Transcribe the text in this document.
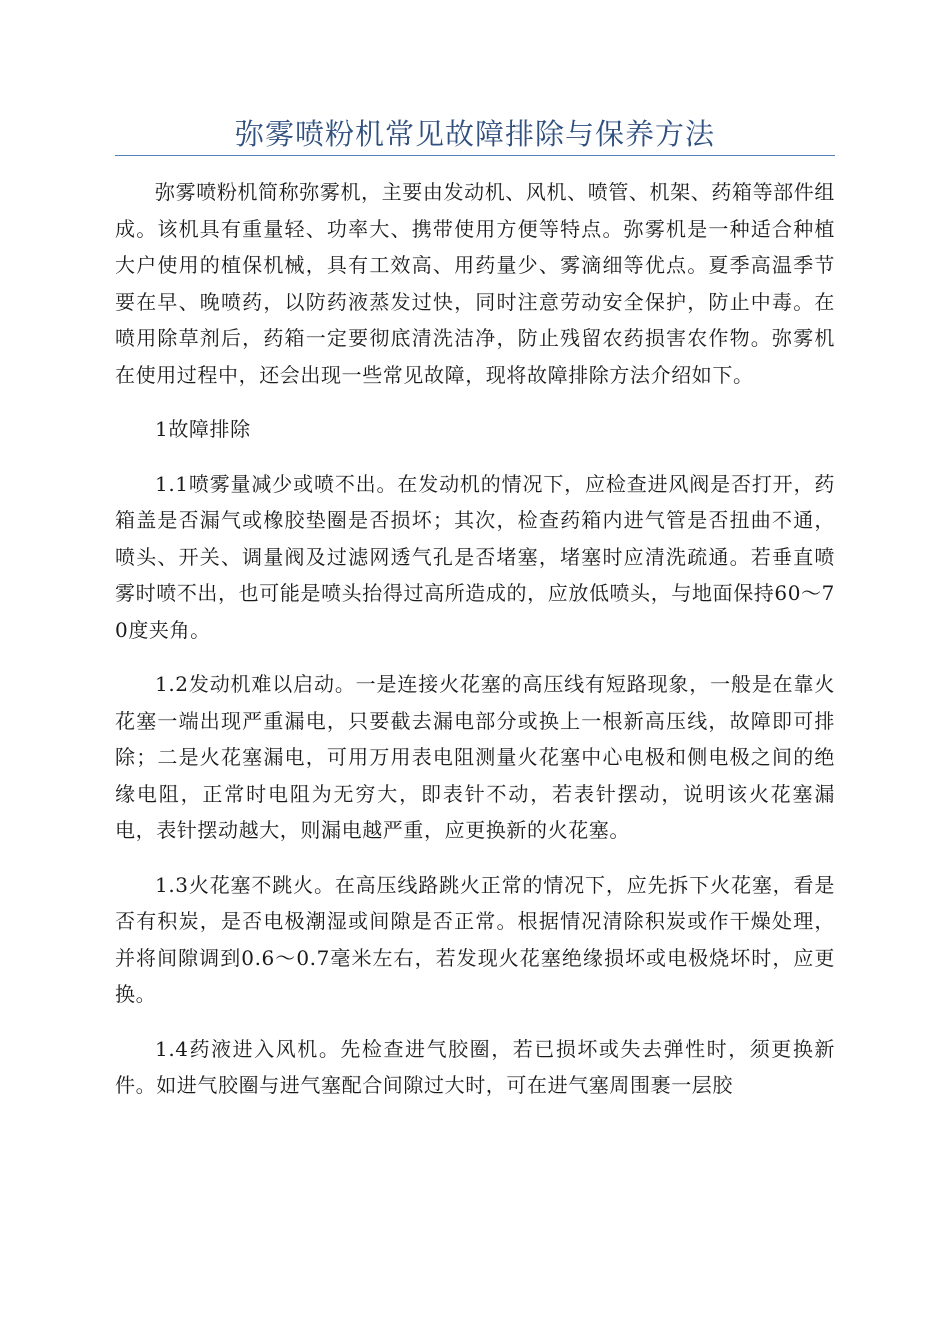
弥雾喷粉机常见故障排除与保养方法

弥雾喷粉机简称弥雾机，主要由发动机、风机、喷管、机架、药箱等部件组成。该机具有重量轻、功率大、携带使用方便等特点。弥雾机是一种适合种植大户使用的植保机械，具有工效高、用药量少、雾滴细等优点。夏季高温季节要在早、晚喷药，以防药液蒸发过快，同时注意劳动安全保护，防止中毒。在喷用除草剂后，药箱一定要彻底清洗洁净，防止残留农药损害农作物。弥雾机在使用过程中，还会出现一些常见故障，现将故障排除方法介绍如下。

1故障排除

1.1喷雾量减少或喷不出。在发动机的情况下，应检查进风阀是否打开，药箱盖是否漏气或橡胶垫圈是否损坏；其次，检查药箱内进气管是否扭曲不通，喷头、开关、调量阀及过滤网透气孔是否堵塞，堵塞时应清洗疏通。若垂直喷雾时喷不出，也可能是喷头抬得过高所造成的，应放低喷头，与地面保持60～70度夹角。

1.2发动机难以启动。一是连接火花塞的高压线有短路现象，一般是在靠火花塞一端出现严重漏电，只要截去漏电部分或换上一根新高压线，故障即可排除；二是火花塞漏电，可用万用表电阻测量火花塞中心电极和侧电极之间的绝缘电阻，正常时电阻为无穷大，即表针不动，若表针摆动，说明该火花塞漏电，表针摆动越大，则漏电越严重，应更换新的火花塞。

1.3火花塞不跳火。在高压线路跳火正常的情况下，应先拆下火花塞，看是否有积炭，是否电极潮湿或间隙是否正常。根据情况清除积炭或作干燥处理，并将间隙调到0.6～0.7毫米左右，若发现火花塞绝缘损坏或电极烧坏时，应更换。

1.4药液进入风机。先检查进气胶圈，若已损坏或失去弹性时，须更换新件。如进气胶圈与进气塞配合间隙过大时，可在进气塞周围裹一层胶
